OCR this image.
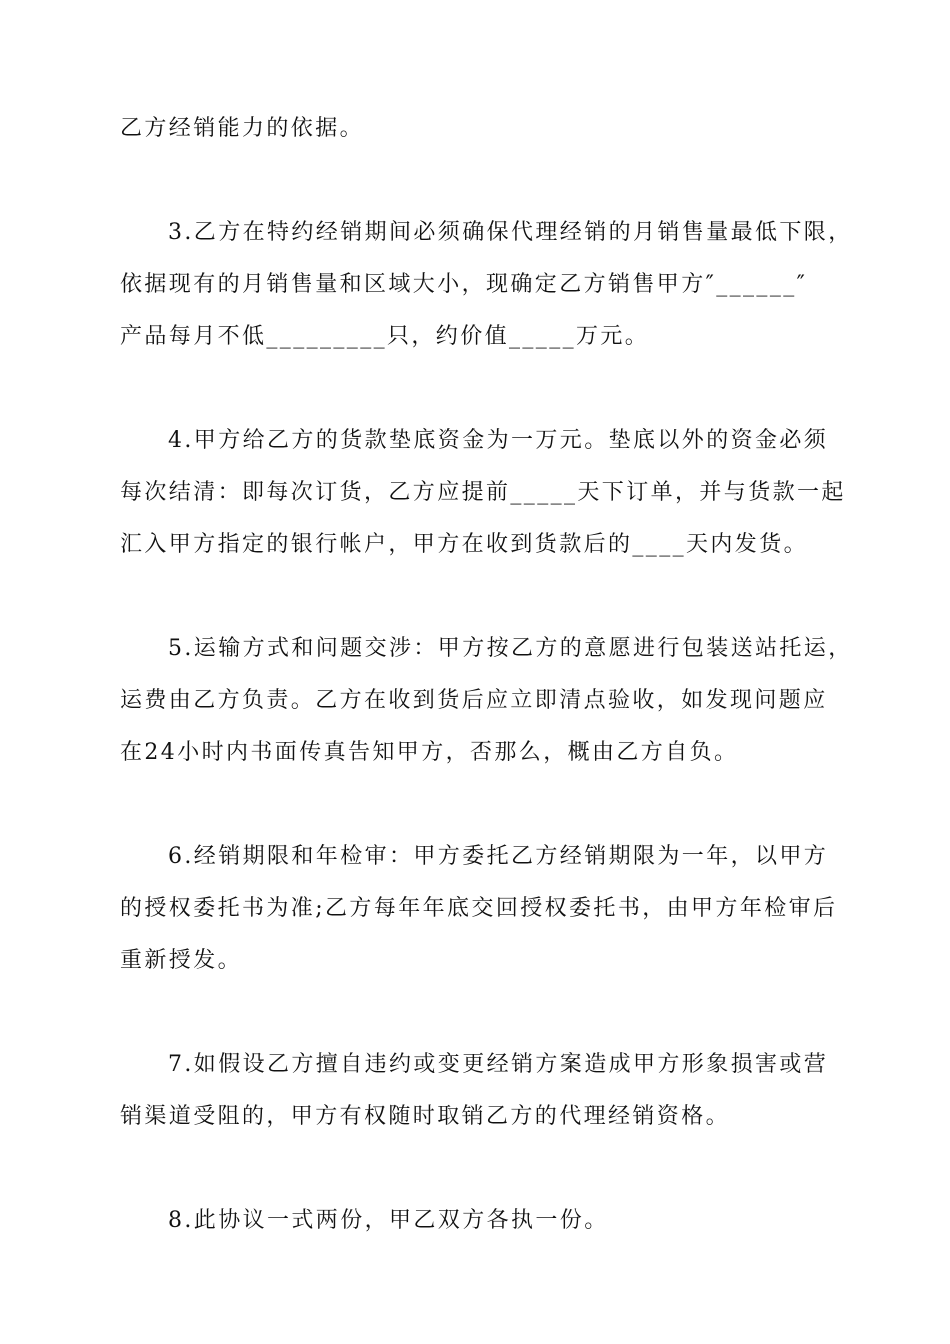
乙方经销能力的依据。

3.乙方在特约经销期间必须确保代理经销的月销售量最低下限，
依据现有的月销售量和区域大小，现确定乙方销售甲方″______″
产品每月不低_________只，约价值_____万元。

4.甲方给乙方的货款垫底资金为一万元。垫底以外的资金必须
每次结清：即每次订货，乙方应提前_____天下订单，并与货款一起
汇入甲方指定的银行帐户，甲方在收到货款后的____天内发货。

5.运输方式和问题交涉：甲方按乙方的意愿进行包装送站托运，
运费由乙方负责。乙方在收到货后应立即清点验收，如发现问题应
在24小时内书面传真告知甲方，否那么，概由乙方自负。

6.经销期限和年检审：甲方委托乙方经销期限为一年，以甲方
的授权委托书为准;乙方每年年底交回授权委托书，由甲方年检审后
重新授发。

7.如假设乙方擅自违约或变更经销方案造成甲方形象损害或营
销渠道受阻的，甲方有权随时取销乙方的代理经销资格。

8.此协议一式两份，甲乙双方各执一份。
